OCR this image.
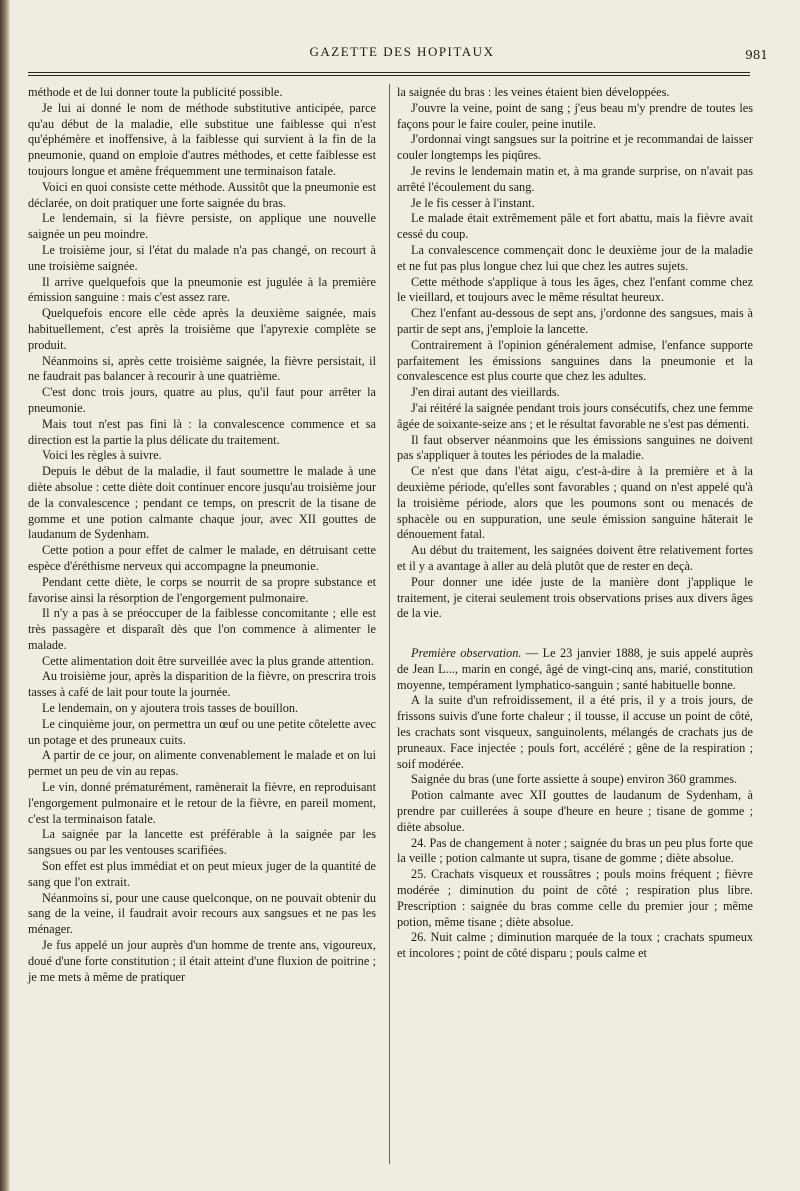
GAZETTE DES HOPITAUX	981

méthode et de lui donner toute la publicité possible.

Je lui ai donné le nom de méthode substitutive anticipée, parce qu'au début de la maladie, elle substitue une faiblesse qui n'est qu'éphémère et inoffensive, à la faiblesse qui survient à la fin de la pneumonie, quand on emploie d'autres méthodes, et cette faiblesse est toujours longue et amène fréquemment une terminaison fatale.

Voici en quoi consiste cette méthode. Aussitôt que la pneumonie est déclarée, on doit pratiquer une forte saignée du bras.

Le lendemain, si la fièvre persiste, on applique une nouvelle saignée un peu moindre.

Le troisième jour, si l'état du malade n'a pas changé, on recourt à une troisième saignée.

Il arrive quelquefois que la pneumonie est jugulée à la première émission sanguine : mais c'est assez rare.

Quelquefois encore elle cède après la deuxième saignée, mais habituellement, c'est après la troisième que l'apyrexie complète se produit.

Néanmoins si, après cette troisième saignée, la fièvre persistait, il ne faudrait pas balancer à recourir à une quatrième.

C'est donc trois jours, quatre au plus, qu'il faut pour arrêter la pneumonie.

Mais tout n'est pas fini là : la convalescence commence et sa direction est la partie la plus délicate du traitement.

Voici les règles à suivre.

Depuis le début de la maladie, il faut soumettre le malade à une diète absolue : cette diète doit continuer encore jusqu'au troisième jour de la convalescence ; pendant ce temps, on prescrit de la tisane de gomme et une potion calmante chaque jour, avec XII gouttes de laudanum de Sydenham.

Cette potion a pour effet de calmer le malade, en détruisant cette espèce d'éréthisme nerveux qui accompagne la pneumonie.

Pendant cette diète, le corps se nourrit de sa propre substance et favorise ainsi la résorption de l'engorgement pulmonaire.

Il n'y a pas à se préoccuper de la faiblesse concomitante ; elle est très passagère et disparaît dès que l'on commence à alimenter le malade.

Cette alimentation doit être surveillée avec la plus grande attention.

Au troisième jour, après la disparition de la fièvre, on prescrira trois tasses à café de lait pour toute la journée.

Le lendemain, on y ajoutera trois tasses de bouillon.

Le cinquième jour, on permettra un œuf ou une petite côtelette avec un potage et des pruneaux cuits.

A partir de ce jour, on alimente convenablement le malade et on lui permet un peu de vin au repas.

Le vin, donné prématurément, ramènerait la fièvre, en reproduisant l'engorgement pulmonaire et le retour de la fièvre, en pareil moment, c'est la terminaison fatale.

La saignée par la lancette est préférable à la saignée par les sangsues ou par les ventouses scarifiées.

Son effet est plus immédiat et on peut mieux juger de la quantité de sang que l'on extrait.

Néanmoins si, pour une cause quelconque, on ne pouvait obtenir du sang de la veine, il faudrait avoir recours aux sangsues et ne pas les ménager.

Je fus appelé un jour auprès d'un homme de trente ans, vigoureux, doué d'une forte constitution ; il était atteint d'une fluxion de poitrine ; je me mets à même de pratiquer

la saignée du bras : les veines étaient bien développées.

J'ouvre la veine, point de sang ; j'eus beau m'y prendre de toutes les façons pour le faire couler, peine inutile.

J'ordonnai vingt sangsues sur la poitrine et je recommandai de laisser couler longtemps les piqûres.

Je revins le lendemain matin et, à ma grande surprise, on n'avait pas arrêté l'écoulement du sang.

Je le fis cesser à l'instant.

Le malade était extrêmement pâle et fort abattu, mais la fièvre avait cessé du coup.

La convalescence commençait donc le deuxième jour de la maladie et ne fut pas plus longue chez lui que chez les autres sujets.

Cette méthode s'applique à tous les âges, chez l'enfant comme chez le vieillard, et toujours avec le même résultat heureux.

Chez l'enfant au-dessous de sept ans, j'ordonne des sangsues, mais à partir de sept ans, j'emploie la lancette.

Contrairement à l'opinion généralement admise, l'enfance supporte parfaitement les émissions sanguines dans la pneumonie et la convalescence est plus courte que chez les adultes.

J'en dirai autant des vieillards.

J'ai réitéré la saignée pendant trois jours consécutifs, chez une femme âgée de soixante-seize ans ; et le résultat favorable ne s'est pas démenti.

Il faut observer néanmoins que les émissions sanguines ne doivent pas s'appliquer à toutes les périodes de la maladie.

Ce n'est que dans l'état aigu, c'est-à-dire à la première et à la deuxième période, qu'elles sont favorables ; quand on n'est appelé qu'à la troisième période, alors que les poumons sont ou menacés de sphacèle ou en suppuration, une seule émission sanguine hâterait le dénouement fatal.

Au début du traitement, les saignées doivent être relativement fortes et il y a avantage à aller au delà plutôt que de rester en deçà.

Pour donner une idée juste de la manière dont j'applique le traitement, je citerai seulement trois observations prises aux divers âges de la vie.

Première observation. — Le 23 janvier 1888, je suis appelé auprès de Jean L..., marin en congé, âgé de vingt-cinq ans, marié, constitution moyenne, tempérament lymphatico-sanguin ; santé habituelle bonne.

A la suite d'un refroidissement, il a été pris, il y a trois jours, de frissons suivis d'une forte chaleur ; il tousse, il accuse un point de côté, les crachats sont visqueux, sanguinolents, mélangés de crachats jus de pruneaux. Face injectée ; pouls fort, accéléré ; gêne de la respiration ; soif modérée.

Saignée du bras (une forte assiette à soupe) environ 360 grammes.

Potion calmante avec XII gouttes de laudanum de Sydenham, à prendre par cuillerées à soupe d'heure en heure ; tisane de gomme ; diète absolue.

24. Pas de changement à noter ; saignée du bras un peu plus forte que la veille ; potion calmante ut supra, tisane de gomme ; diète absolue.

25. Crachats visqueux et roussâtres ; pouls moins fréquent ; fièvre modérée ; diminution du point de côté ; respiration plus libre. Prescription : saignée du bras comme celle du premier jour ; même potion, même tisane ; diète absolue.

26. Nuit calme ; diminution marquée de la toux ; crachats spumeux et incolores ; point de côté disparu ; pouls calme et
